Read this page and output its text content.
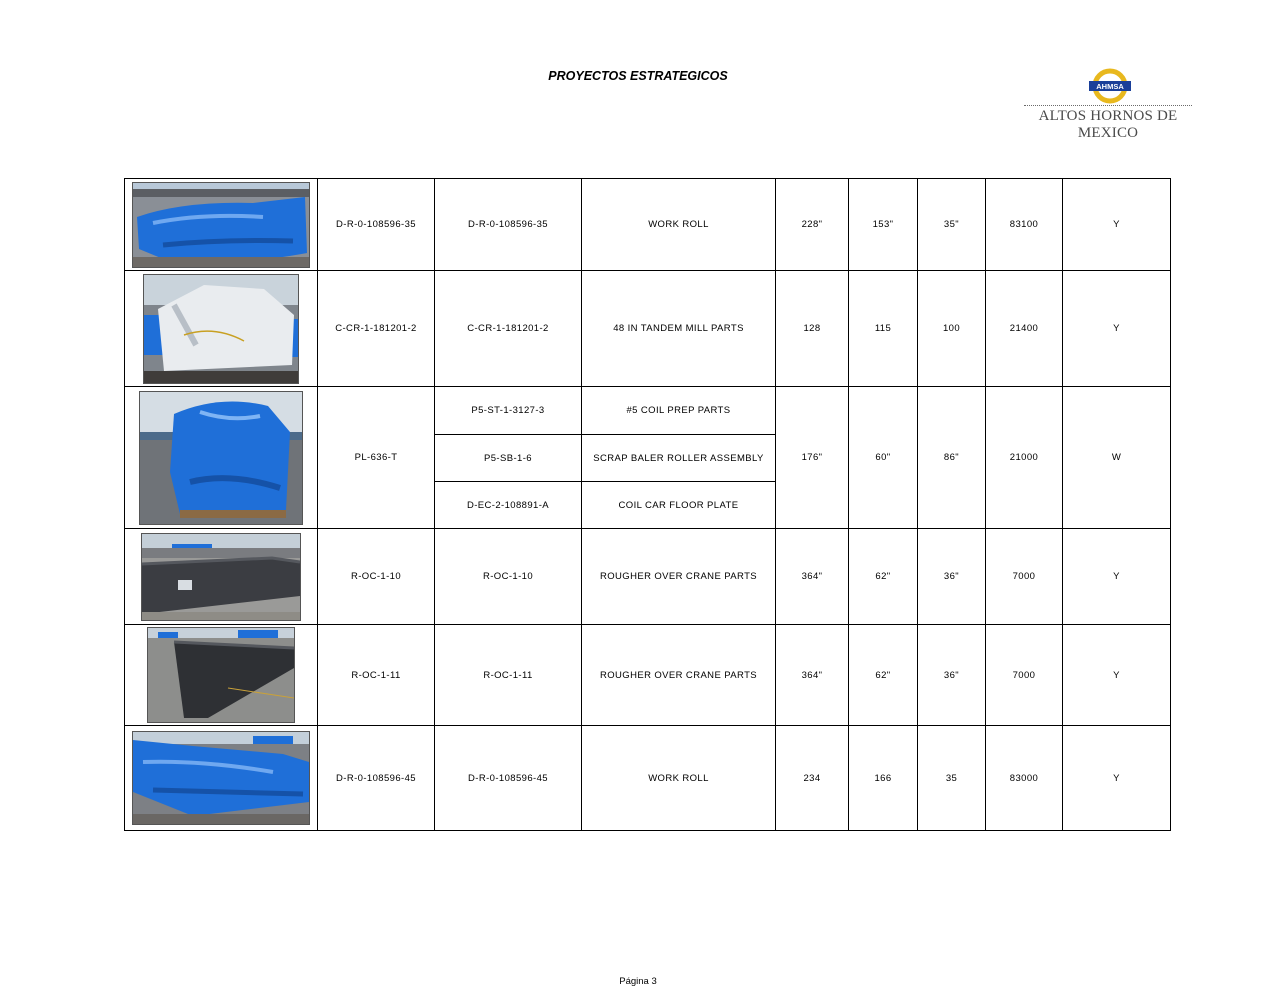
PROYECTOS ESTRATEGICOS
AHMSA
ALTOS HORNOS DE MEXICO
	D-R-0-108596-35	D-R-0-108596-35	WORK ROLL	228"	153"	35"	83100	Y

	C-CR-1-181201-2	C-CR-1-181201-2	48 IN TANDEM MILL PARTS	128	115	100	21400	Y

	PL-636-T	P5-ST-1-3127-3	#5 COIL PREP PARTS	176"	60"	86"	21000	W
		P5-SB-1-6	SCRAP BALER ROLLER ASSEMBLY					
		D-EC-2-108891-A	COIL CAR FLOOR PLATE					

	R-OC-1-10	R-OC-1-10	ROUGHER OVER CRANE PARTS	364"	62"	36"	7000	Y

	R-OC-1-11	R-OC-1-11	ROUGHER OVER CRANE PARTS	364"	62"	36"	7000	Y

	D-R-0-108596-45	D-R-0-108596-45	WORK ROLL	234	166	35	83000	Y
Página 3
